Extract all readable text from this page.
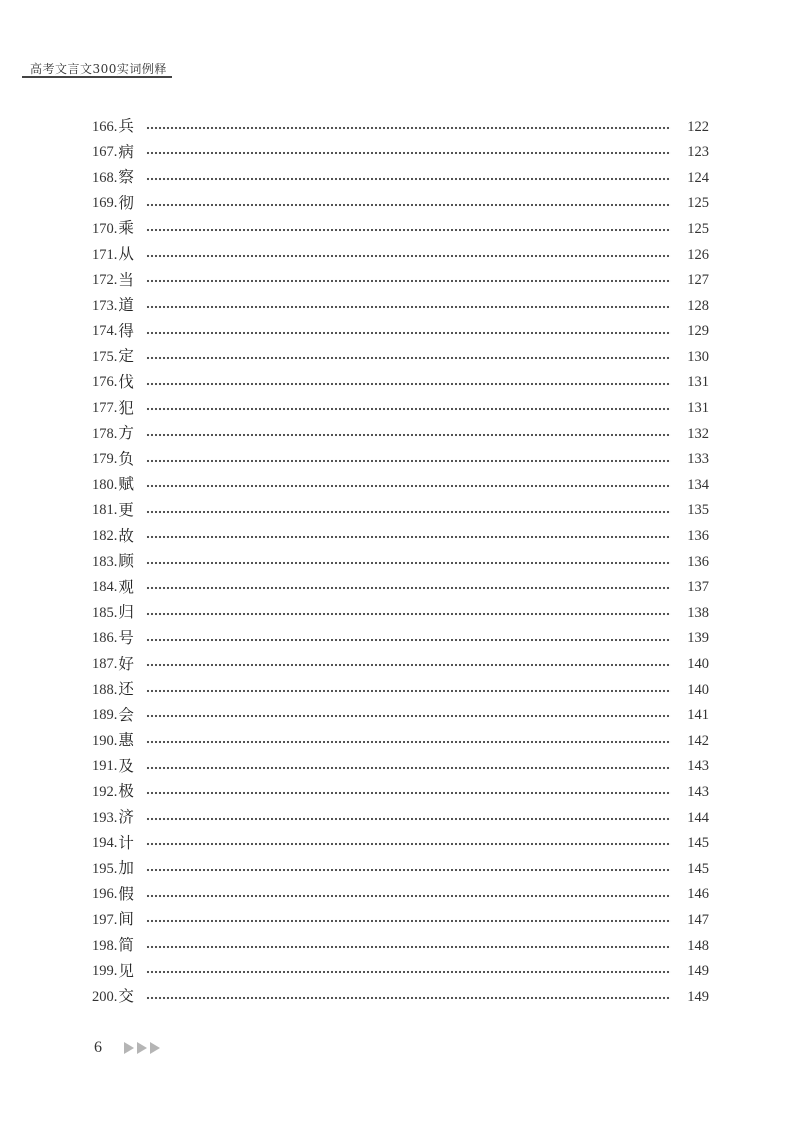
高考文言文300实词例释
166. 兵	122
167. 病	123
168. 察	124
169. 彻	125
170. 乘	125
171. 从	126
172. 当	127
173. 道	128
174. 得	129
175. 定	130
176. 伐	131
177. 犯	131
178. 方	132
179. 负	133
180. 赋	134
181. 更	135
182. 故	136
183. 顾	136
184. 观	137
185. 归	138
186. 号	139
187. 好	140
188. 还	140
189. 会	141
190. 惠	142
191. 及	143
192. 极	143
193. 济	144
194. 计	145
195. 加	145
196. 假	146
197. 间	147
198. 简	148
199. 见	149
200. 交	149
6
